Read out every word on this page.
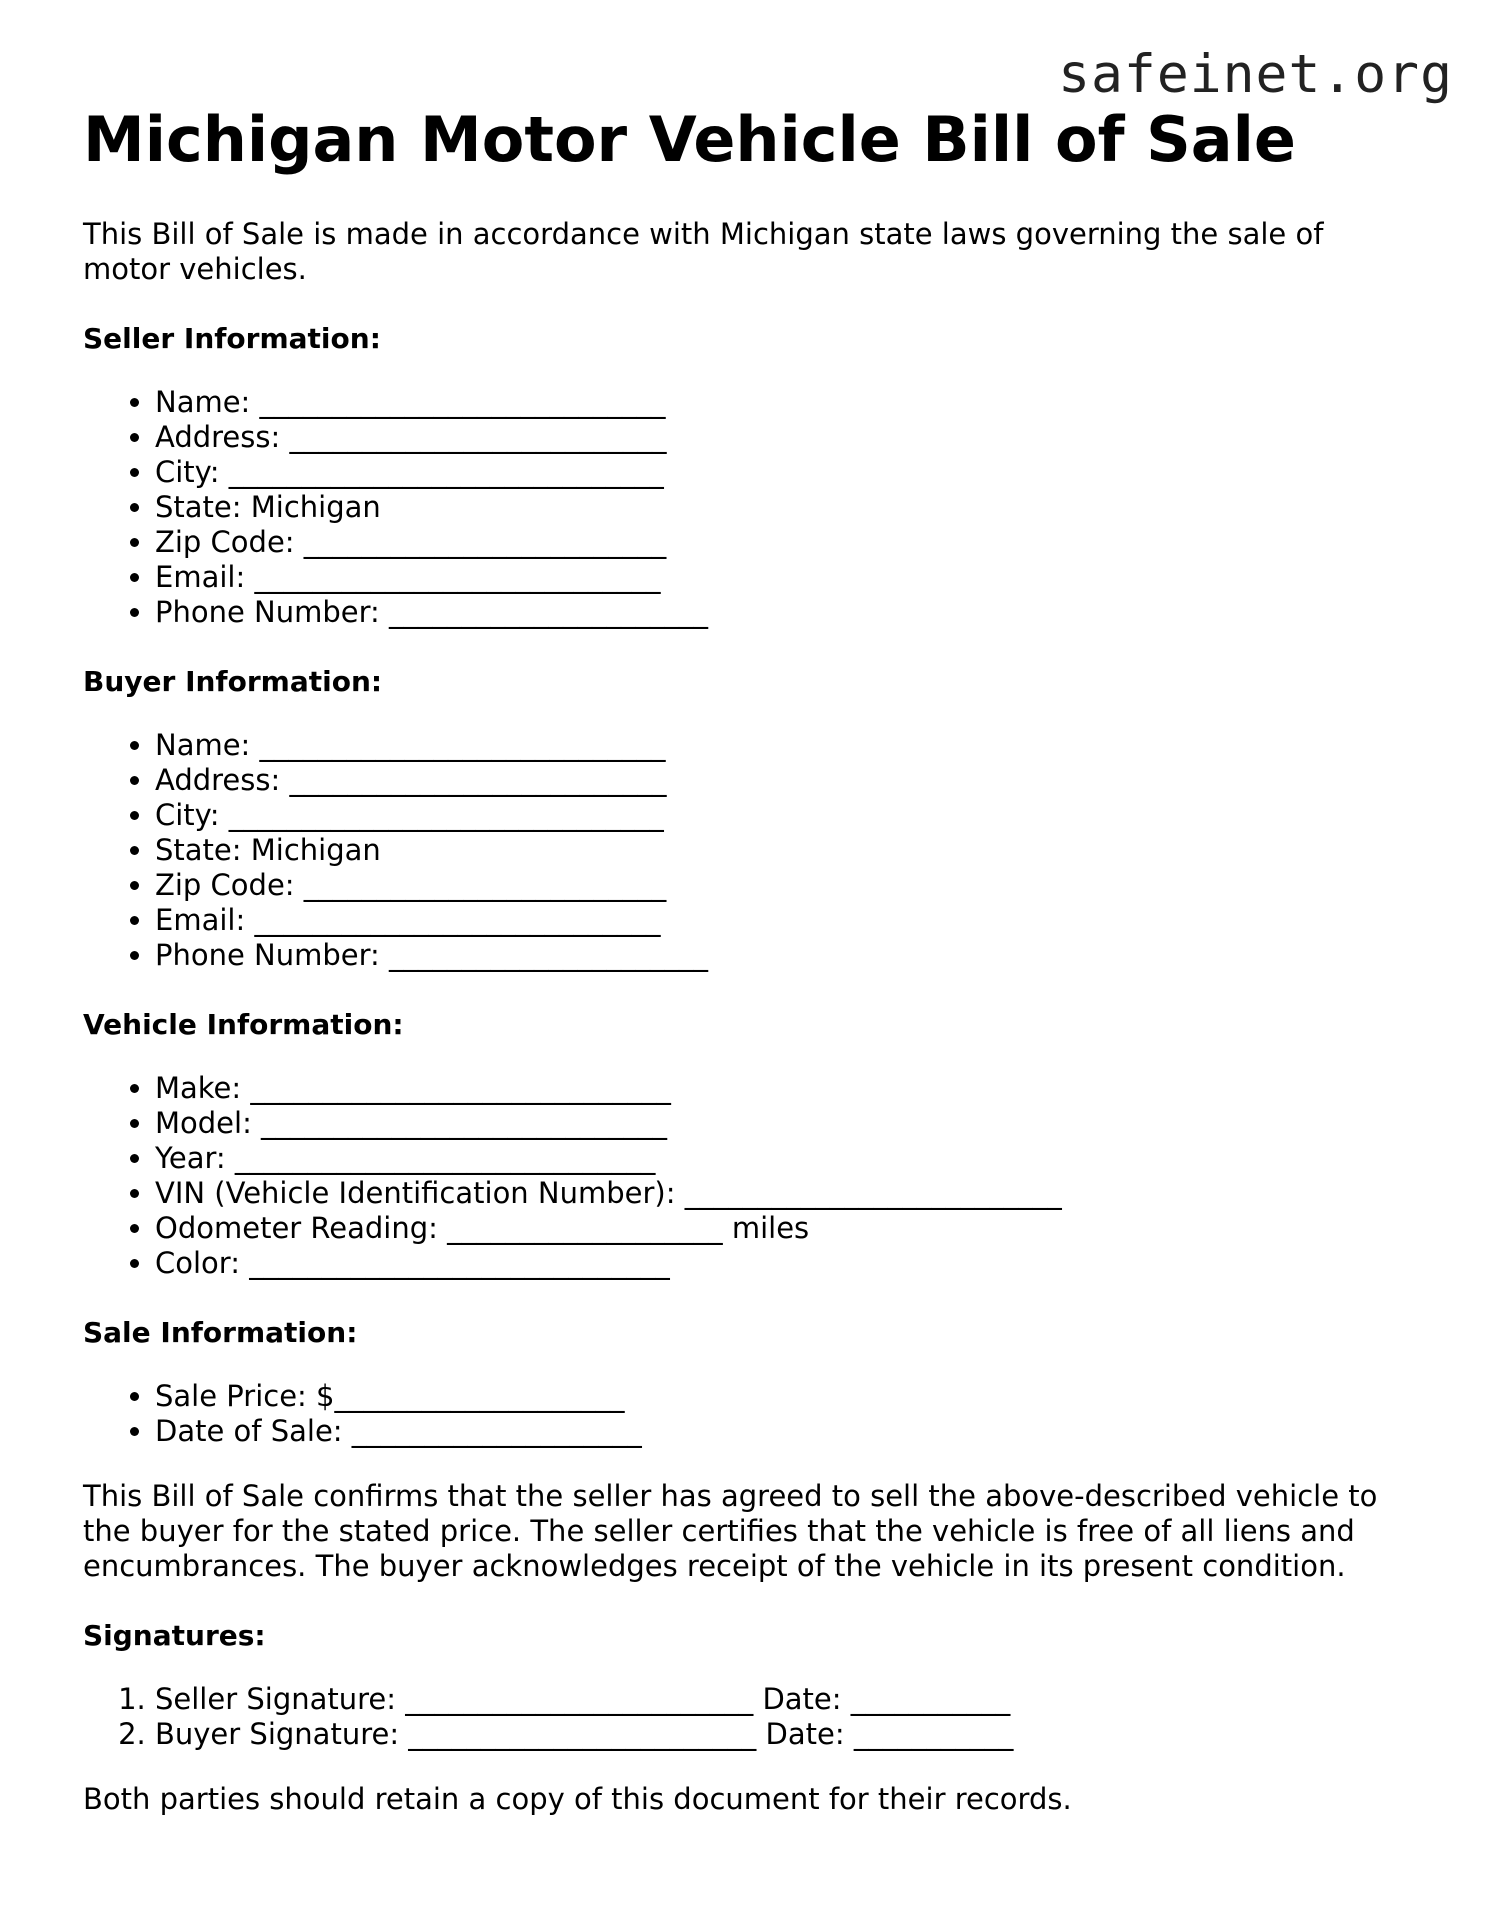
safeinet.org
Michigan Motor Vehicle Bill of Sale

This Bill of Sale is made in accordance with Michigan state laws governing the sale of motor vehicles.

Seller Information:
• Name: ____________________________
• Address: __________________________
• City: ______________________________
• State: Michigan
• Zip Code: _________________________
• Email: ____________________________
• Phone Number: ______________________
Buyer Information:
• Name: ____________________________
• Address: __________________________
• City: ______________________________
• State: Michigan
• Zip Code: _________________________
• Email: ____________________________
• Phone Number: ______________________
Vehicle Information:
• Make: _____________________________
• Model: ____________________________
• Year: _____________________________
• VIN (Vehicle Identification Number): __________________________
• Odometer Reading: ___________________ miles
• Color: _____________________________
Sale Information:
• Sale Price: $____________________
• Date of Sale: ____________________

This Bill of Sale confirms that the seller has agreed to sell the above-described vehicle to the buyer for the stated price. The seller certifies that the vehicle is free of all liens and encumbrances. The buyer acknowledges receipt of the vehicle in its present condition.

Signatures:
1. Seller Signature: ________________________ Date: ___________
2. Buyer Signature: ________________________ Date: ___________

Both parties should retain a copy of this document for their records.
